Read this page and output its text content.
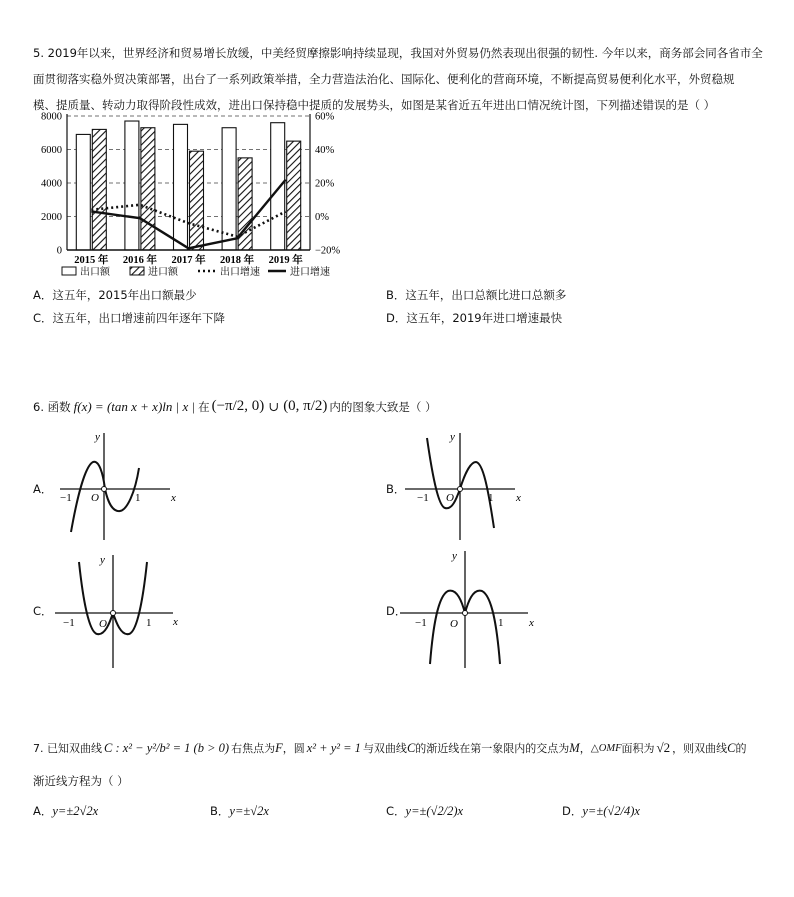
5. 2019年以来，世界经济和贸易增长放缓，中美经贸摩擦影响持续显现，我国对外贸易仍然表现出很强的韧性. 今年以来，商务部会同各省市全
面贯彻落实稳外贸决策部署，出台了一系列政策举措，全力营造法治化、国际化、便利化的营商环境，不断提高贸易便利化水平，外贸稳规
模、提质量、转动力取得阶段性成效，进出口保持稳中提质的发展势头，如图是某省近五年进出口情况统计图，下列描述错误的是（ ）
0
2000
4000
6000
8000
−20%
0%
20%
40%
60%
2015 年 2016 年 2017 年 2018 年 2019 年
出口额	进口额	出口增速	进口增速
A．这五年，2015年出口额最少	B．这五年，出口总额比进口总额多
C．这五年，出口增速前四年逐年下降	D．这五年，2019年进口增速最快
6. 函数 f(x) = (tan x + x)ln | x | 在 (−π/2, 0) ∪ (0, π/2) 内的图象大致是（ ）
A．	B．
C．	D．
y
x
O
−1	1
y
x
O
−1	1
y
x
O
−1	1
y
x
O
−1	1
7. 已知双曲线 C : x² − y²/b² = 1 (b > 0) 右焦点为 F ，圆 x² + y² = 1 与双曲线 C 的渐近线在第一象限内的交点为 M ， △OMF 面积为 √2 ，则双曲线 C 的
渐近线方程为（ ）
A．y=±2√2x	B．y=±√2x	C．y=±(√2/2)x	D．y=±(√2/4)x
